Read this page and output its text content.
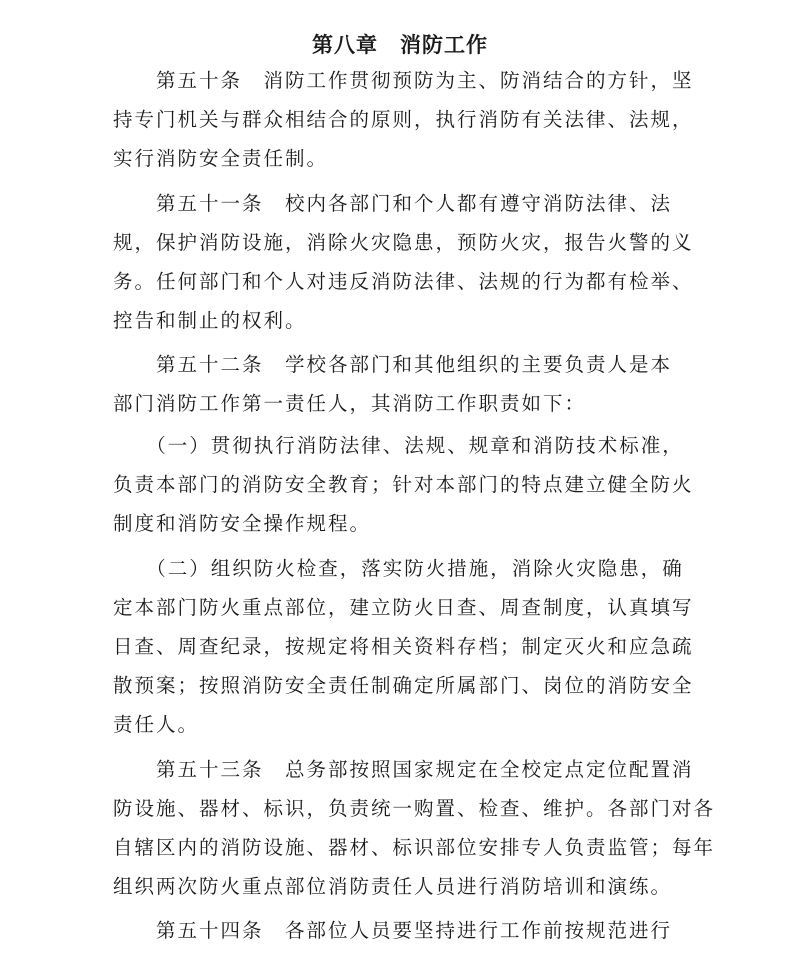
第八章　消防工作
　　第五十条　消防工作贯彻预防为主、防消结合的方针，坚
持专门机关与群众相结合的原则，执行消防有关法律、法规，
实行消防安全责任制。
　　第五十一条　校内各部门和个人都有遵守消防法律、法
规，保护消防设施，消除火灾隐患，预防火灾，报告火警的义
务。任何部门和个人对违反消防法律、法规的行为都有检举、
控告和制止的权利。
　　第五十二条　学校各部门和其他组织的主要负责人是本
部门消防工作第一责任人，其消防工作职责如下：
　　（一）贯彻执行消防法律、法规、规章和消防技术标准，
负责本部门的消防安全教育；针对本部门的特点建立健全防火
制度和消防安全操作规程。
　　（二）组织防火检查，落实防火措施，消除火灾隐患，确
定本部门防火重点部位，建立防火日查、周查制度，认真填写
日查、周查纪录，按规定将相关资料存档；制定灭火和应急疏
散预案；按照消防安全责任制确定所属部门、岗位的消防安全
责任人。
　　第五十三条　总务部按照国家规定在全校定点定位配置消
防设施、器材、标识，负责统一购置、检查、维护。各部门对各
自辖区内的消防设施、器材、标识部位安排专人负责监管；每年
组织两次防火重点部位消防责任人员进行消防培训和演练。
　　第五十四条　各部位人员要坚持进行工作前按规范进行
